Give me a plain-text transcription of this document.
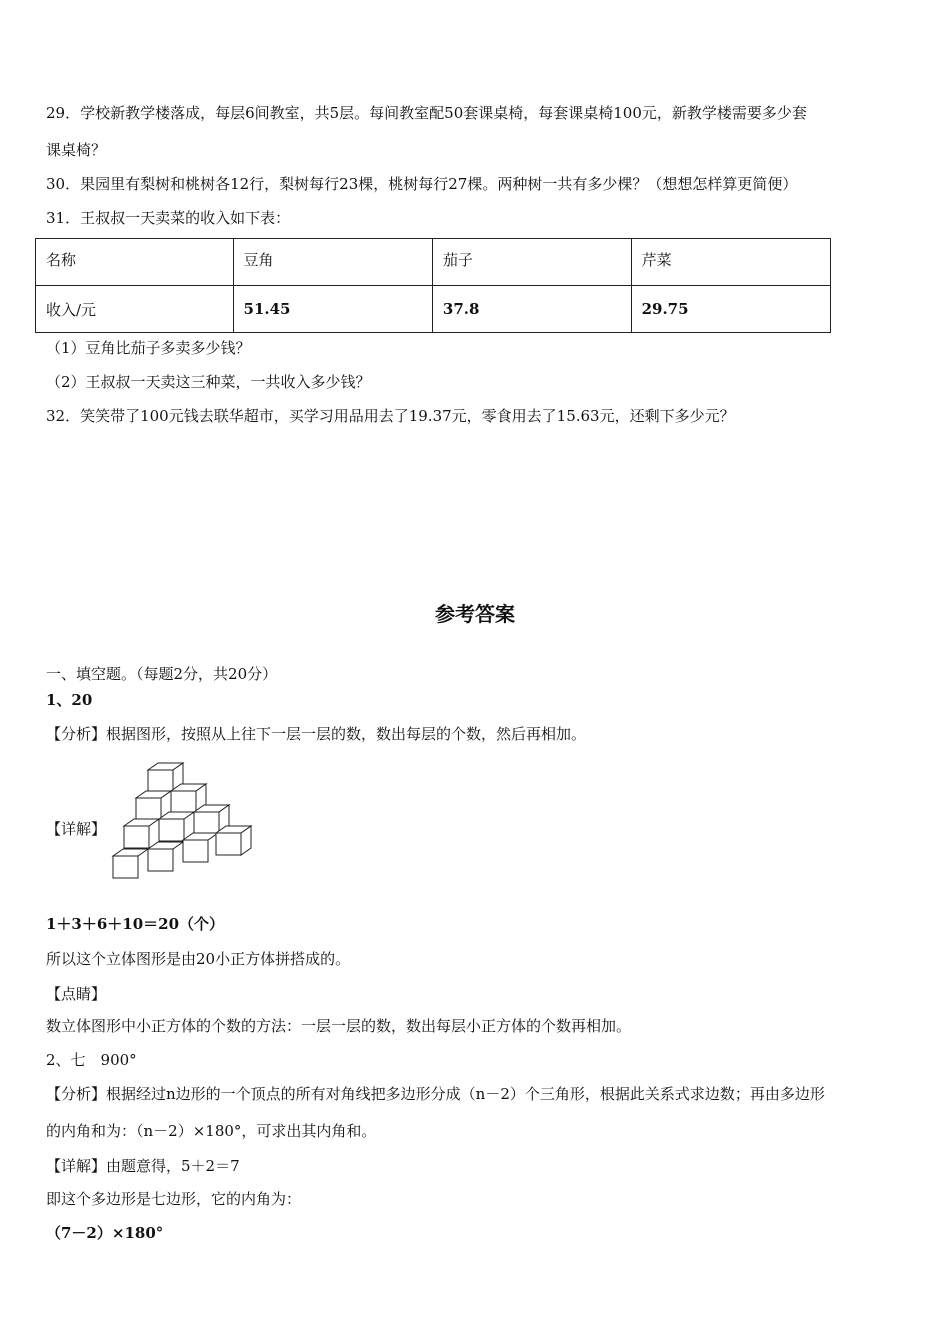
29．学校新教学楼落成，每层6间教室，共5层。每间教室配50套课桌椅，每套课桌椅100元，新教学楼需要多少套
课桌椅？
30．果园里有梨树和桃树各12行，梨树每行23棵，桃树每行27棵。两种树一共有多少棵？（想想怎样算更简便）
31．王叔叔一天卖菜的收入如下表：
名称	豆角	茄子	芹菜
收入/元	51.45	37.8	29.75
（1）豆角比茄子多卖多少钱？
（2）王叔叔一天卖这三种菜，一共收入多少钱？
32．笑笑带了100元钱去联华超市，买学习用品用去了19.37元，零食用去了15.63元，还剩下多少元？
参考答案
一、填空题。（每题2分，共20分）
1、20
【分析】根据图形，按照从上往下一层一层的数，数出每层的个数，然后再相加。
【详解】
1＋3＋6＋10＝20（个）
所以这个立体图形是由20小正方体拼搭成的。
【点睛】
数立体图形中小正方体的个数的方法：一层一层的数，数出每层小正方体的个数再相加。
2、七　900°
【分析】根据经过n边形的一个顶点的所有对角线把多边形分成（n－2）个三角形，根据此关系式求边数；再由多边形
的内角和为：（n－2）×180°，可求出其内角和。
【详解】由题意得，5＋2＝7
即这个多边形是七边形，它的内角为：
（7－2）×180°
